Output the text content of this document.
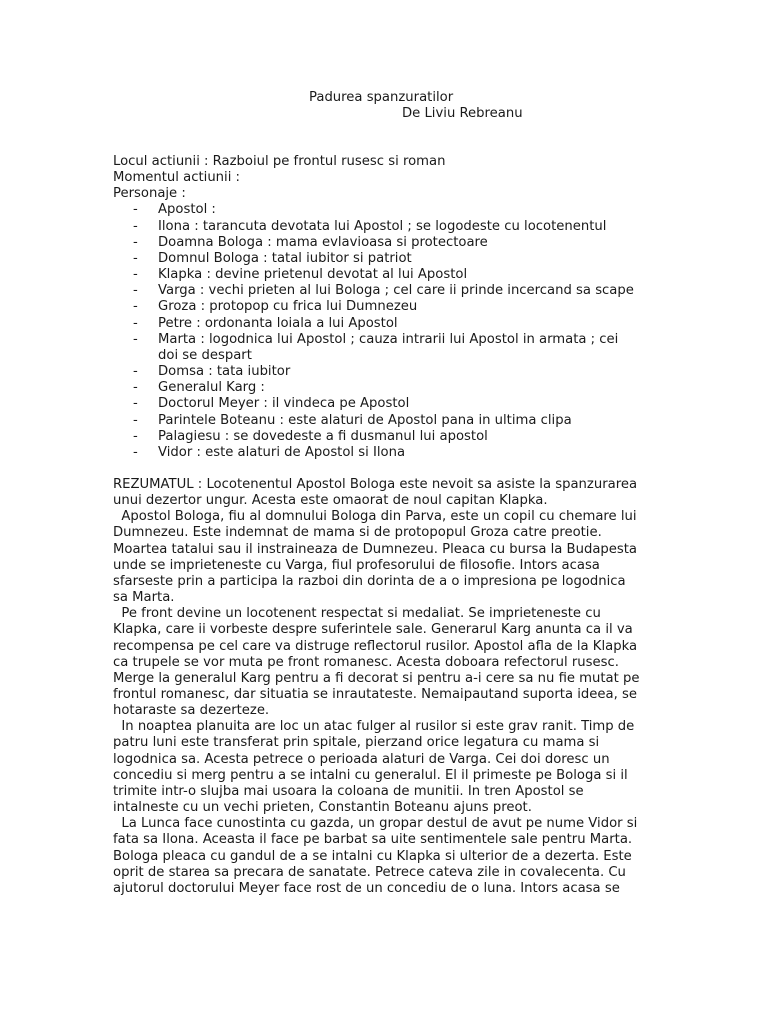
Padurea spanzuratilor
De Liviu Rebreanu
Locul actiunii : Razboiul pe frontul rusesc si roman
Momentul actiunii :
Personaje :
- Apostol :
- Ilona : tarancuta devotata lui Apostol ; se logodeste cu locotenentul
- Doamna Bologa : mama evlavioasa si protectoare
- Domnul Bologa : tatal iubitor si patriot
- Klapka : devine prietenul devotat al lui Apostol
- Varga : vechi prieten al lui Bologa ; cel care ii prinde incercand sa scape
- Groza : protopop cu frica lui Dumnezeu
- Petre : ordonanta loiala a lui Apostol
- Marta : logodnica lui Apostol ; cauza intrarii lui Apostol in armata ; cei
doi se despart
- Domsa : tata iubitor
- Generalul Karg :
- Doctorul Meyer : il vindeca pe Apostol
- Parintele Boteanu : este alaturi de Apostol pana in ultima clipa
- Palagiesu : se dovedeste a fi dusmanul lui apostol
- Vidor : este alaturi de Apostol si Ilona
REZUMATUL : Locotenentul Apostol Bologa este nevoit sa asiste la spanzurarea
unui dezertor ungur. Acesta este omaorat de noul capitan Klapka.
Apostol Bologa, fiu al domnului Bologa din Parva, este un copil cu chemare lui
Dumnezeu. Este indemnat de mama si de protopopul Groza catre preotie.
Moartea tatalui sau il instraineaza de Dumnezeu. Pleaca cu bursa la Budapesta
unde se imprieteneste cu Varga, fiul profesorului de filosofie. Intors acasa
sfarseste prin a participa la razboi din dorinta de a o impresiona pe logodnica
sa Marta.
Pe front devine un locotenent respectat si medaliat. Se imprieteneste cu
Klapka, care ii vorbeste despre suferintele sale. Generarul Karg anunta ca il va
recompensa pe cel care va distruge reflectorul rusilor. Apostol afla de la Klapka
ca trupele se vor muta pe front romanesc. Acesta doboara refectorul rusesc.
Merge la generalul Karg pentru a fi decorat si pentru a-i cere sa nu fie mutat pe
frontul romanesc, dar situatia se inrautateste. Nemaipautand suporta ideea, se
hotaraste sa dezerteze.
In noaptea planuita are loc un atac fulger al rusilor si este grav ranit. Timp de
patru luni este transferat prin spitale, pierzand orice legatura cu mama si
logodnica sa. Acesta petrece o perioada alaturi de Varga. Cei doi doresc un
concediu si merg pentru a se intalni cu generalul. El il primeste pe Bologa si il
trimite intr-o slujba mai usoara la coloana de munitii. In tren Apostol se
intalneste cu un vechi prieten, Constantin Boteanu ajuns preot.
La Lunca face cunostinta cu gazda, un gropar destul de avut pe nume Vidor si
fata sa Ilona. Aceasta il face pe barbat sa uite sentimentele sale pentru Marta.
Bologa pleaca cu gandul de a se intalni cu Klapka si ulterior de a dezerta. Este
oprit de starea sa precara de sanatate. Petrece cateva zile in covalecenta. Cu
ajutorul doctorului Meyer face rost de un concediu de o luna. Intors acasa se
